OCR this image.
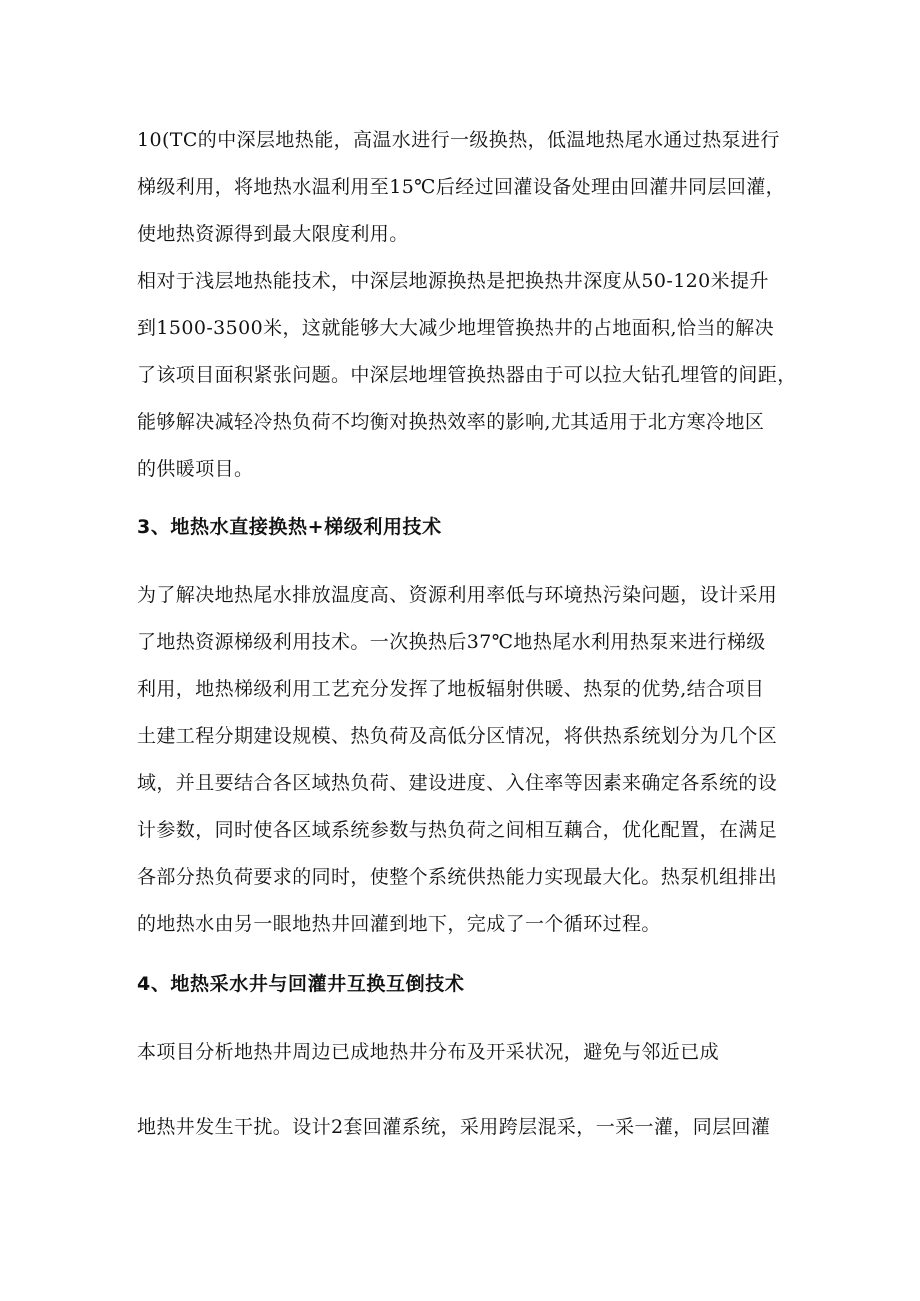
10(TC的中深层地热能，高温水进行一级换热，低温地热尾水通过热泵进行
梯级利用，将地热水温利用至15℃后经过回灌设备处理由回灌井同层回灌，
使地热资源得到最大限度利用。
相对于浅层地热能技术，中深层地源换热是把换热井深度从50-120米提升
到1500-3500米，这就能够大大减少地埋管换热井的占地面积,恰当的解决
了该项目面积紧张问题。中深层地埋管换热器由于可以拉大钻孔埋管的间距，
能够解决减轻冷热负荷不均衡对换热效率的影响,尤其适用于北方寒冷地区
的供暖项目。
3、地热水直接换热+梯级利用技术
为了解决地热尾水排放温度高、资源利用率低与环境热污染问题，设计采用
了地热资源梯级利用技术。一次换热后37℃地热尾水利用热泵来进行梯级
利用，地热梯级利用工艺充分发挥了地板辐射供暖、热泵的优势,结合项目
土建工程分期建设规模、热负荷及高低分区情况，将供热系统划分为几个区
域，并且要结合各区域热负荷、建设进度、入住率等因素来确定各系统的设
计参数，同时使各区域系统参数与热负荷之间相互藕合，优化配置，在满足
各部分热负荷要求的同时，使整个系统供热能力实现最大化。热泵机组排出
的地热水由另一眼地热井回灌到地下，完成了一个循环过程。
4、地热采水井与回灌井互换互倒技术
本项目分析地热井周边已成地热井分布及开采状况，避免与邻近已成
地热井发生干扰。设计2套回灌系统，采用跨层混采，一采一灌，同层回灌
